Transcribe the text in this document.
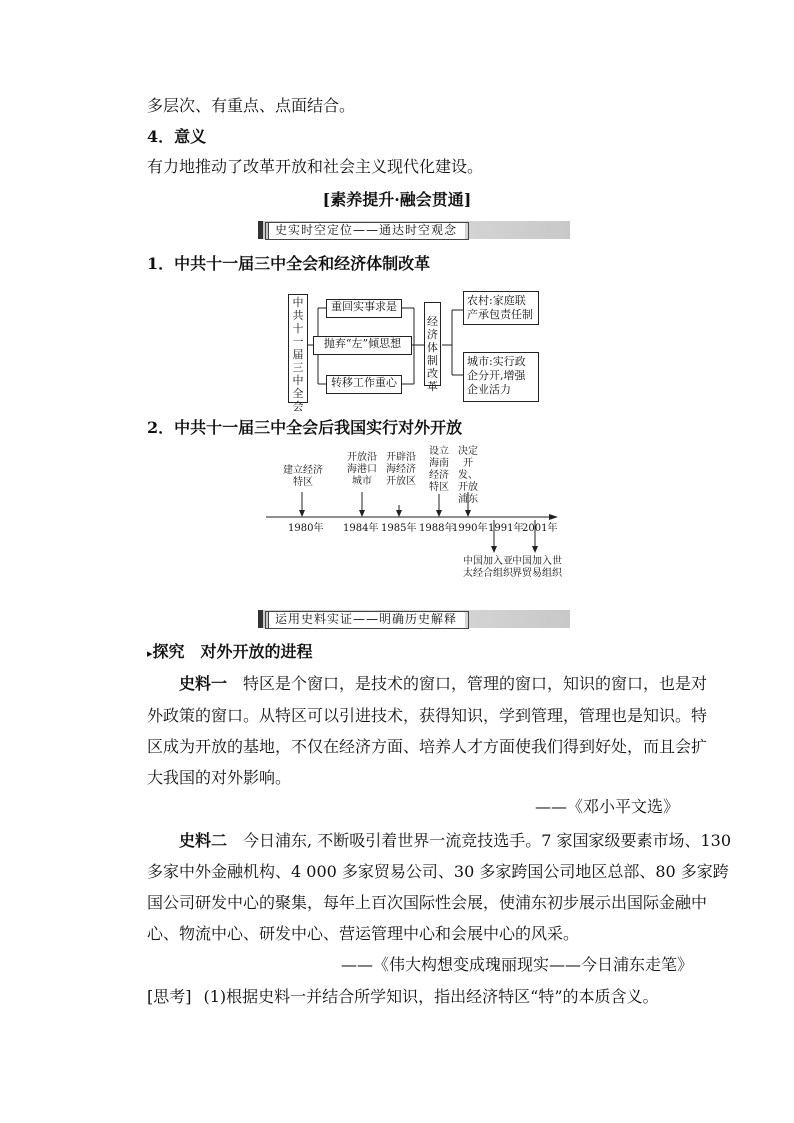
多层次、有重点、点面结合。
4．意义
有力地推动了改革开放和社会主义现代化建设。
[素养提升·融会贯通]
史实时空定位——通达时空观念
1．中共十一届三中全会和经济体制改革
中共十一届三中全会
重回实事求是
抛弃“左”倾思想
转移工作重心
经济体制改革
农村:家庭联产承包责任制
城市:实行政企分开,增强企业活力
2．中共十一届三中全会后我国实行对外开放
建立经济特区
开放沿海港口城市
开辟沿海经济开放区
设立海南经济特区
决定开发、开放浦东
1980年 1984年 1985年 1988年
1990年 1991年
2001年
中国加入亚太经合组织
中国加入世界贸易组织
运用史料实证——明确历史解释
▸探究　对外开放的进程
史料一 特区是个窗口，是技术的窗口，管理的窗口，知识的窗口，也是对
外政策的窗口。从特区可以引进技术，获得知识，学到管理，管理也是知识。特
区成为开放的基地，不仅在经济方面、培养人才方面使我们得到好处，而且会扩
大我国的对外影响。
——《邓小平文选》
史料二 今日浦东, 不断吸引着世界一流竞技选手。7 家国家级要素市场、130
多家中外金融机构、4 000 多家贸易公司、30 多家跨国公司地区总部、80 多家跨
国公司研发中心的聚集，每年上百次国际性会展，使浦东初步展示出国际金融中
心、物流中心、研发中心、营运管理中心和会展中心的风采。
——《伟大构想变成瑰丽现实——今日浦东走笔》
[思考] (1)根据史料一并结合所学知识，指出经济特区“特”的本质含义。
